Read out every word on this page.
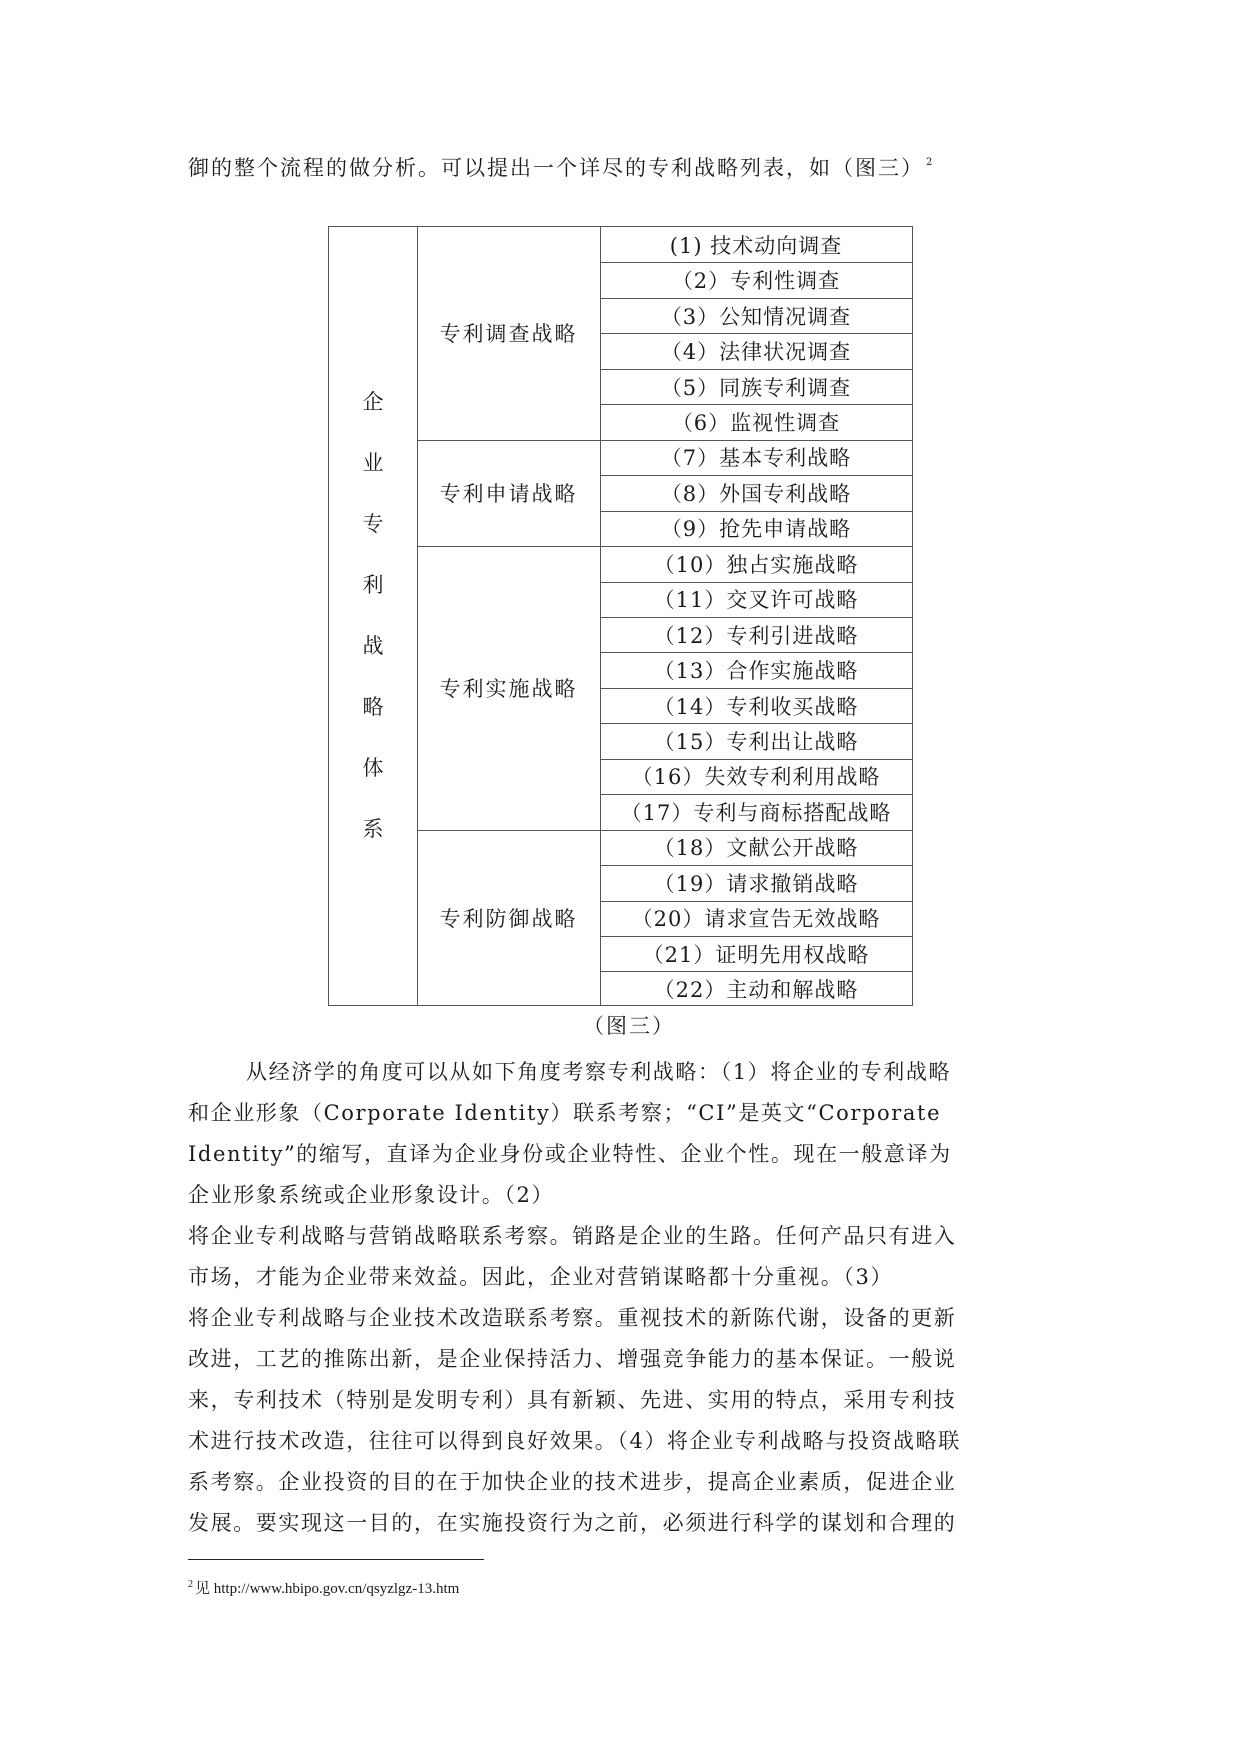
御的整个流程的做分析。可以提出一个详尽的专利战略列表，如（图三） $^2$
企
业
专
利
战
略
体
系
专利调查战略
(1) 技术动向调查
（2）专利性调查
（3）公知情况调查
（4）法律状况调查
（5）同族专利调查
（6）监视性调查
专利申请战略
（7）基本专利战略
（8）外国专利战略
（9）抢先申请战略
专利实施战略
（10）独占实施战略
（11）交叉许可战略
（12）专利引进战略
（13）合作实施战略
（14）专利收买战略
（15）专利出让战略
（16）失效专利利用战略
（17）专利与商标搭配战略
专利防御战略
（18）文献公开战略
（19）请求撤销战略
（20）请求宣告无效战略
（21）证明先用权战略
（22）主动和解战略
（图三）
从经济学的角度可以从如下角度考察专利战略：（1）将企业的专利战略
和企业形象（Corporate Identity）联系考察；“CI”是英文“Corporate
Identity”的缩写，直译为企业身份或企业特性、企业个性。现在一般意译为
企业形象系统或企业形象设计。（2）
将企业专利战略与营销战略联系考察。销路是企业的生路。任何产品只有进入
市场，才能为企业带来效益。因此，企业对营销谋略都十分重视。（3）
将企业专利战略与企业技术改造联系考察。重视技术的新陈代谢，设备的更新
改进，工艺的推陈出新，是企业保持活力、增强竞争能力的基本保证。一般说
来，专利技术（特别是发明专利）具有新颖、先进、实用的特点，采用专利技
术进行技术改造，往往可以得到良好效果。（4）将企业专利战略与投资战略联
系考察。企业投资的目的在于加快企业的技术进步，提高企业素质，促进企业
发展。要实现这一目的，在实施投资行为之前，必须进行科学的谋划和合理的
$^2$ 见 http://www.hbipo.gov.cn/qsyzlgz-13.htm
